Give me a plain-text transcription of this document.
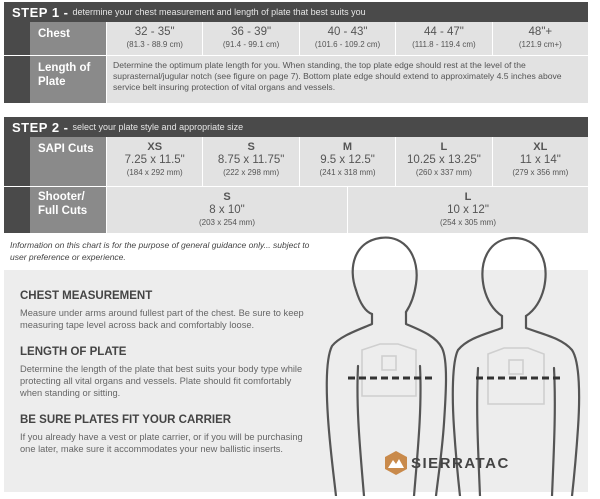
STEP 1 - determine your chest measurement and length of plate that best suits you
Chest	32 - 35"
(81.3 - 88.9 cm)
36 - 39"
(91.4 - 99.1 cm)
40 - 43"
(101.6 - 109.2 cm)
44 - 47"
(111.8 - 119.4 cm)
48"+
(121.9 cm+)
Length of Plate
Determine the optimum plate length for you. When standing, the top plate edge should rest at the level of the suprasternal/jugular notch (see figure on page 7). Bottom plate edge should extend to approximately 4.5 inches above service belt insuring protection of vital organs and vessels.
STEP 2 - select your plate style and appropriate size
SAPI Cuts	XS
7.25 x 11.5"
(184 x 292 mm)
S
8.75 x 11.75"
(222 x 298 mm)
M
9.5 x 12.5"
(241 x 318 mm)
L
10.25 x 13.25"
(260 x 337 mm)
XL
11 x 14"
(279 x 356 mm)
Shooter/ Full Cuts
S
8 x 10"
(203 x 254 mm)
L
10 x 12"
(254 x 305 mm)
Information on this chart is for the purpose of general guidance only... subject to user preference or experience.
CHEST MEASUREMENT
Measure under arms around fullest part of the chest. Be sure to keep measuring tape level across back and comfortably loose.
LENGTH OF PLATE
Determine the length of the plate that best suits your body type while protecting all vital organs and vessels. Plate should fit comfortably when standing or sitting.
BE SURE PLATES FIT YOUR CARRIER
If you already have a vest or plate carrier, or if you will be purchasing one later, make sure it accommodates your new ballistic inserts.
SIERRATAC
